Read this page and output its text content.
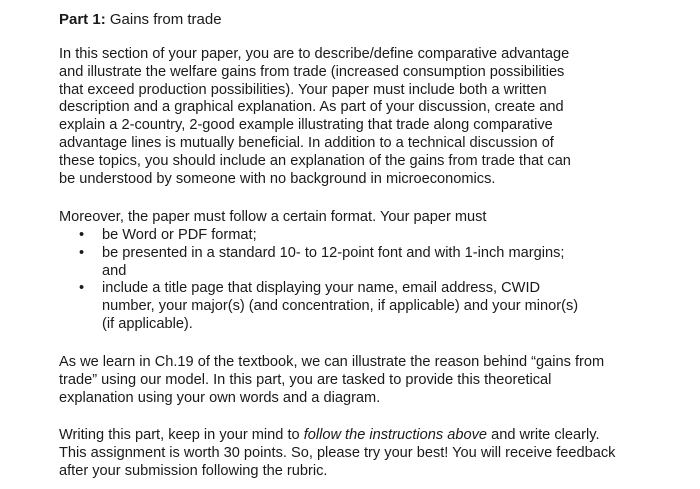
Part 1: Gains from trade

In this section of your paper, you are to describe/define comparative advantage
and illustrate the welfare gains from trade (increased consumption possibilities
that exceed production possibilities). Your paper must include both a written
description and a graphical explanation. As part of your discussion, create and
explain a 2-country, 2-good example illustrating that trade along comparative
advantage lines is mutually beneficial. In addition to a technical discussion of
these topics, you should include an explanation of the gains from trade that can
be understood by someone with no background in microeconomics.

Moreover, the paper must follow a certain format. Your paper must

• be Word or PDF format;
• be presented in a standard 10- to 12-point font and with 1-inch margins;
and
• include a title page that displaying your name, email address, CWID
number, your major(s) (and concentration, if applicable) and your minor(s)
(if applicable).

As we learn in Ch.19 of the textbook, we can illustrate the reason behind “gains from
trade” using our model. In this part, you are tasked to provide this theoretical
explanation using your own words and a diagram.

Writing this part, keep in your mind to follow the instructions above and write clearly.
This assignment is worth 30 points. So, please try your best! You will receive feedback
after your submission following the rubric.
